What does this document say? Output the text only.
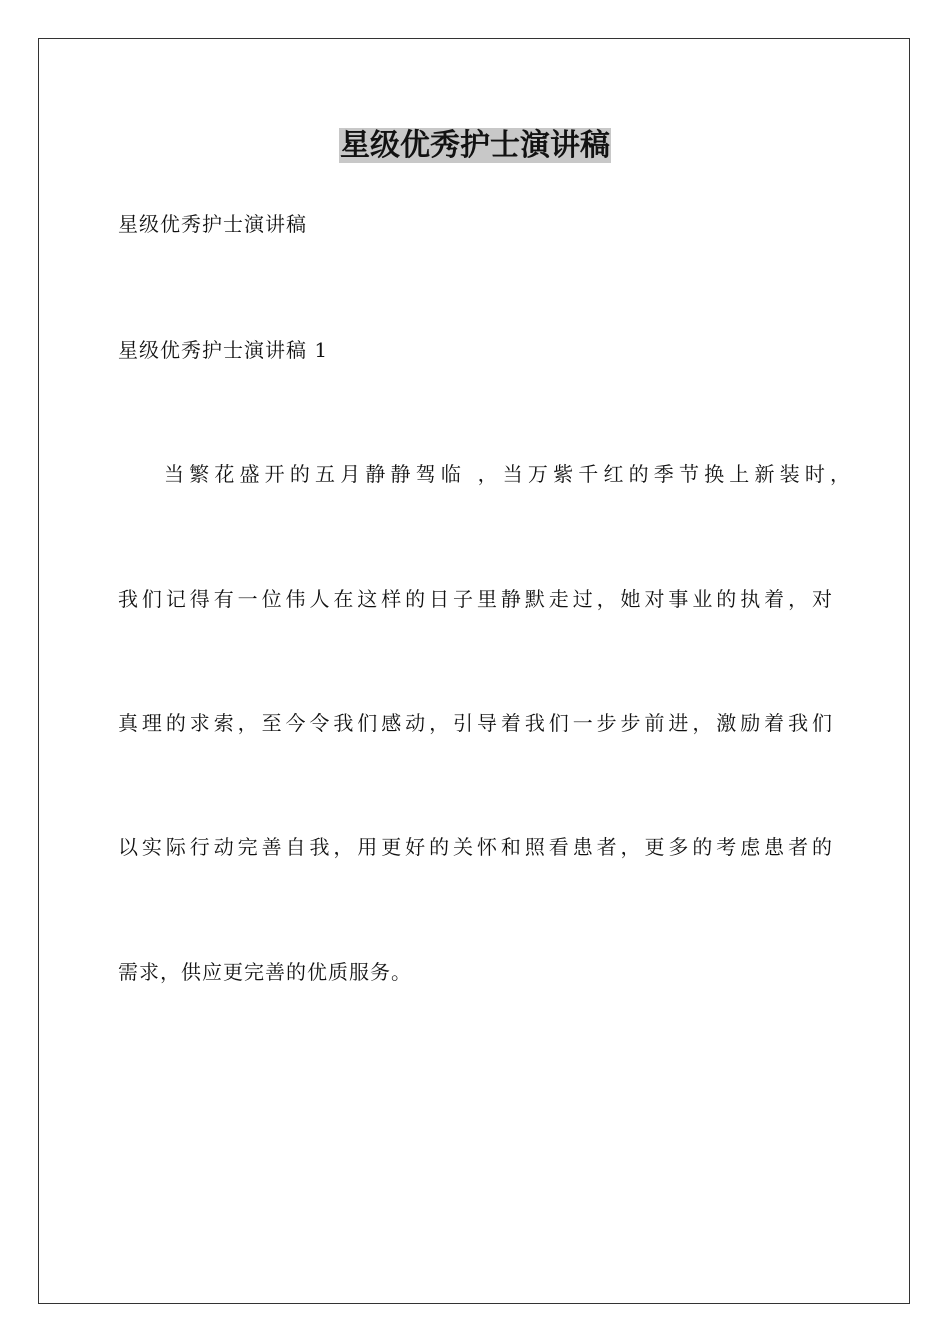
星级优秀护士演讲稿
星级优秀护士演讲稿
星级优秀护士演讲稿 1
当繁花盛开的五月静静驾临 ，当万紫千红的季节换上新装时，
我们记得有一位伟人在这样的日子里静默走过，她对事业的执着，对
真理的求索，至今令我们感动，引导着我们一步步前进，激励着我们
以实际行动完善自我，用更好的关怀和照看患者，更多的考虑患者的
需求，供应更完善的优质服务。
